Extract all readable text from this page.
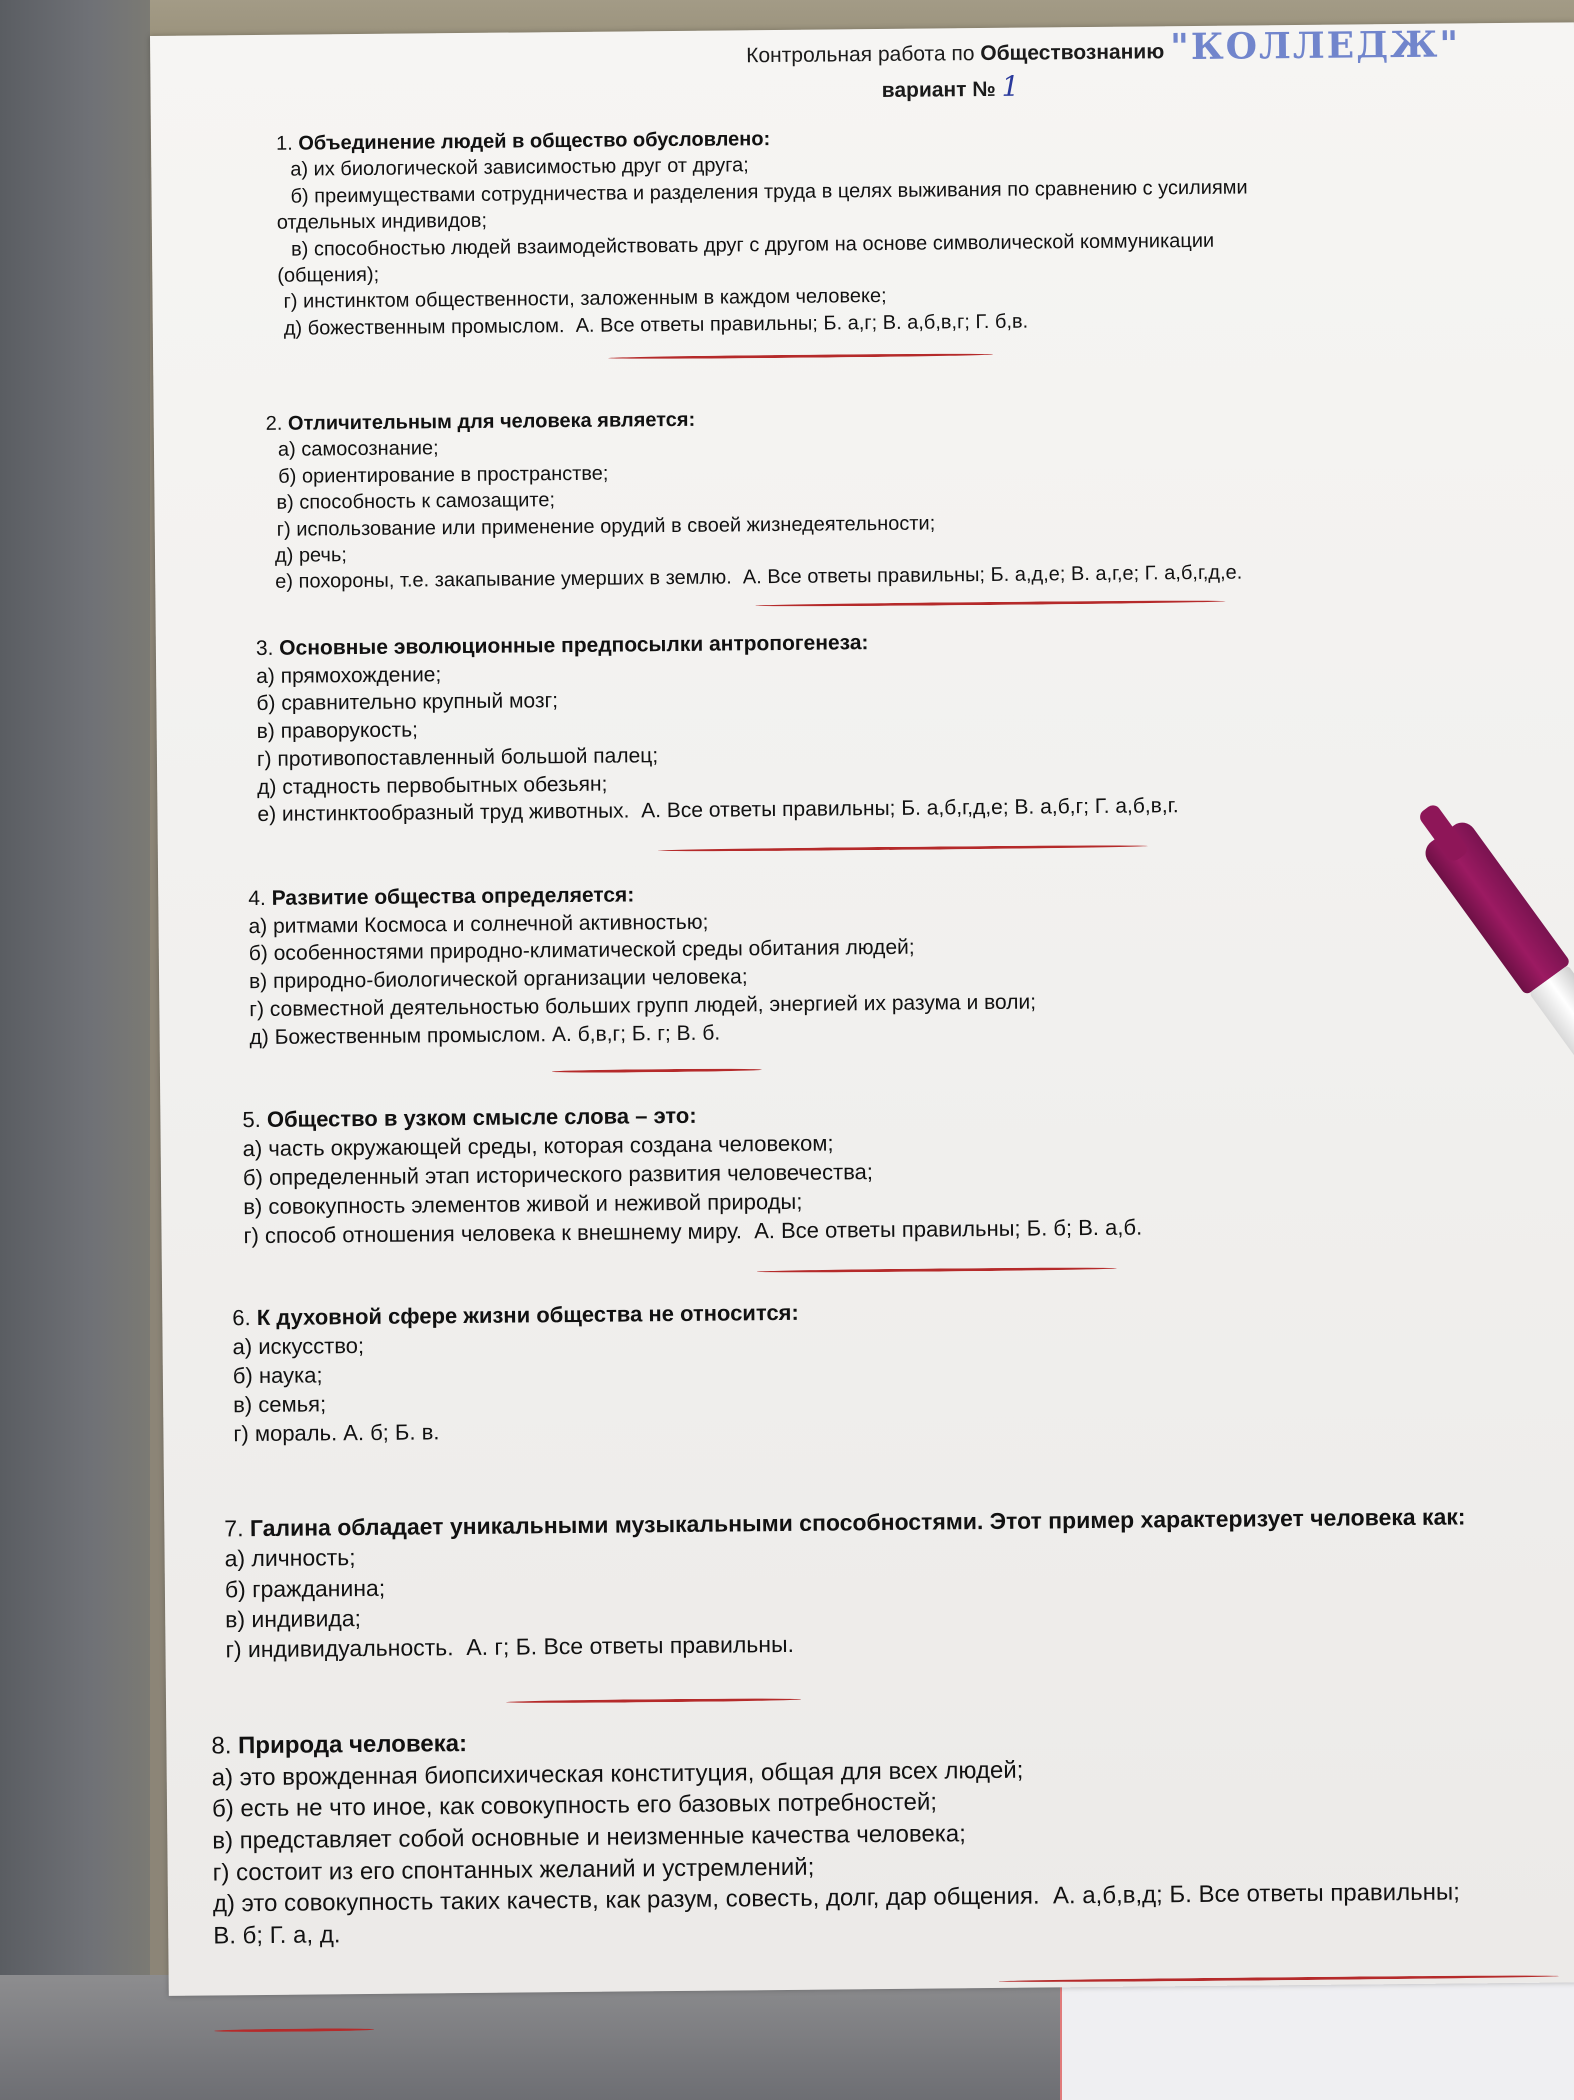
Контрольная работа по Обществознанию
вариант № 1
"КОЛЛЕДЖ"
1. Объединение людей в общество обусловлено:
а) их биологической зависимостью друг от друга;
б) преимуществами сотрудничества и разделения труда в целях выживания по сравнению с усилиями
отдельных индивидов;
в) способностью людей взаимодействовать друг с другом на основе символической коммуникации
(общения);
г) инстинктом общественности, заложенным в каждом человеке;
д) божественным промыслом. А. Все ответы правильны; Б. а,г; В. а,б,в,г; Г. б,в.
2. Отличительным для человека является:
а) самосознание;
б) ориентирование в пространстве;
в) способность к самозащите;
г) использование или применение орудий в своей жизнедеятельности;
д) речь;
е) похороны, т.е. закапывание умерших в землю. А. Все ответы правильны; Б. а,д,е; В. а,г,е; Г. а,б,г,д,е.
3. Основные эволюционные предпосылки антропогенеза:
а) прямохождение;
б) сравнительно крупный мозг;
в) праворукость;
г) противопоставленный большой палец;
д) стадность первобытных обезьян;
е) инстинктообразный труд животных. А. Все ответы правильны; Б. а,б,г,д,е; В. а,б,г; Г. а,б,в,г.
4. Развитие общества определяется:
а) ритмами Космоса и солнечной активностью;
б) особенностями природно-климатической среды обитания людей;
в) природно-биологической организации человека;
г) совместной деятельностью больших групп людей, энергией их разума и воли;
д) Божественным промыслом. А. б,в,г; Б. г; В. б.
5. Общество в узком смысле слова – это:
а) часть окружающей среды, которая создана человеком;
б) определенный этап исторического развития человечества;
в) совокупность элементов живой и неживой природы;
г) способ отношения человека к внешнему миру. А. Все ответы правильны; Б. б; В. а,б.
6. К духовной сфере жизни общества не относится:
а) искусство;
б) наука;
в) семья;
г) мораль. А. б; Б. в.
7. Галина обладает уникальными музыкальными способностями. Этот пример характеризует человека как:
а) личность;
б) гражданина;
в) индивида;
г) индивидуальность. А. г; Б. Все ответы правильны.
8. Природа человека:
а) это врожденная биопсихическая конституция, общая для всех людей;
б) есть не что иное, как совокупность его базовых потребностей;
в) представляет собой основные и неизменные качества человека;
г) состоит из его спонтанных желаний и устремлений;
д) это совокупность таких качеств, как разум, совесть, долг, дар общения. А. а,б,в,д; Б. Все ответы правильны;
В. б; Г. а, д.
